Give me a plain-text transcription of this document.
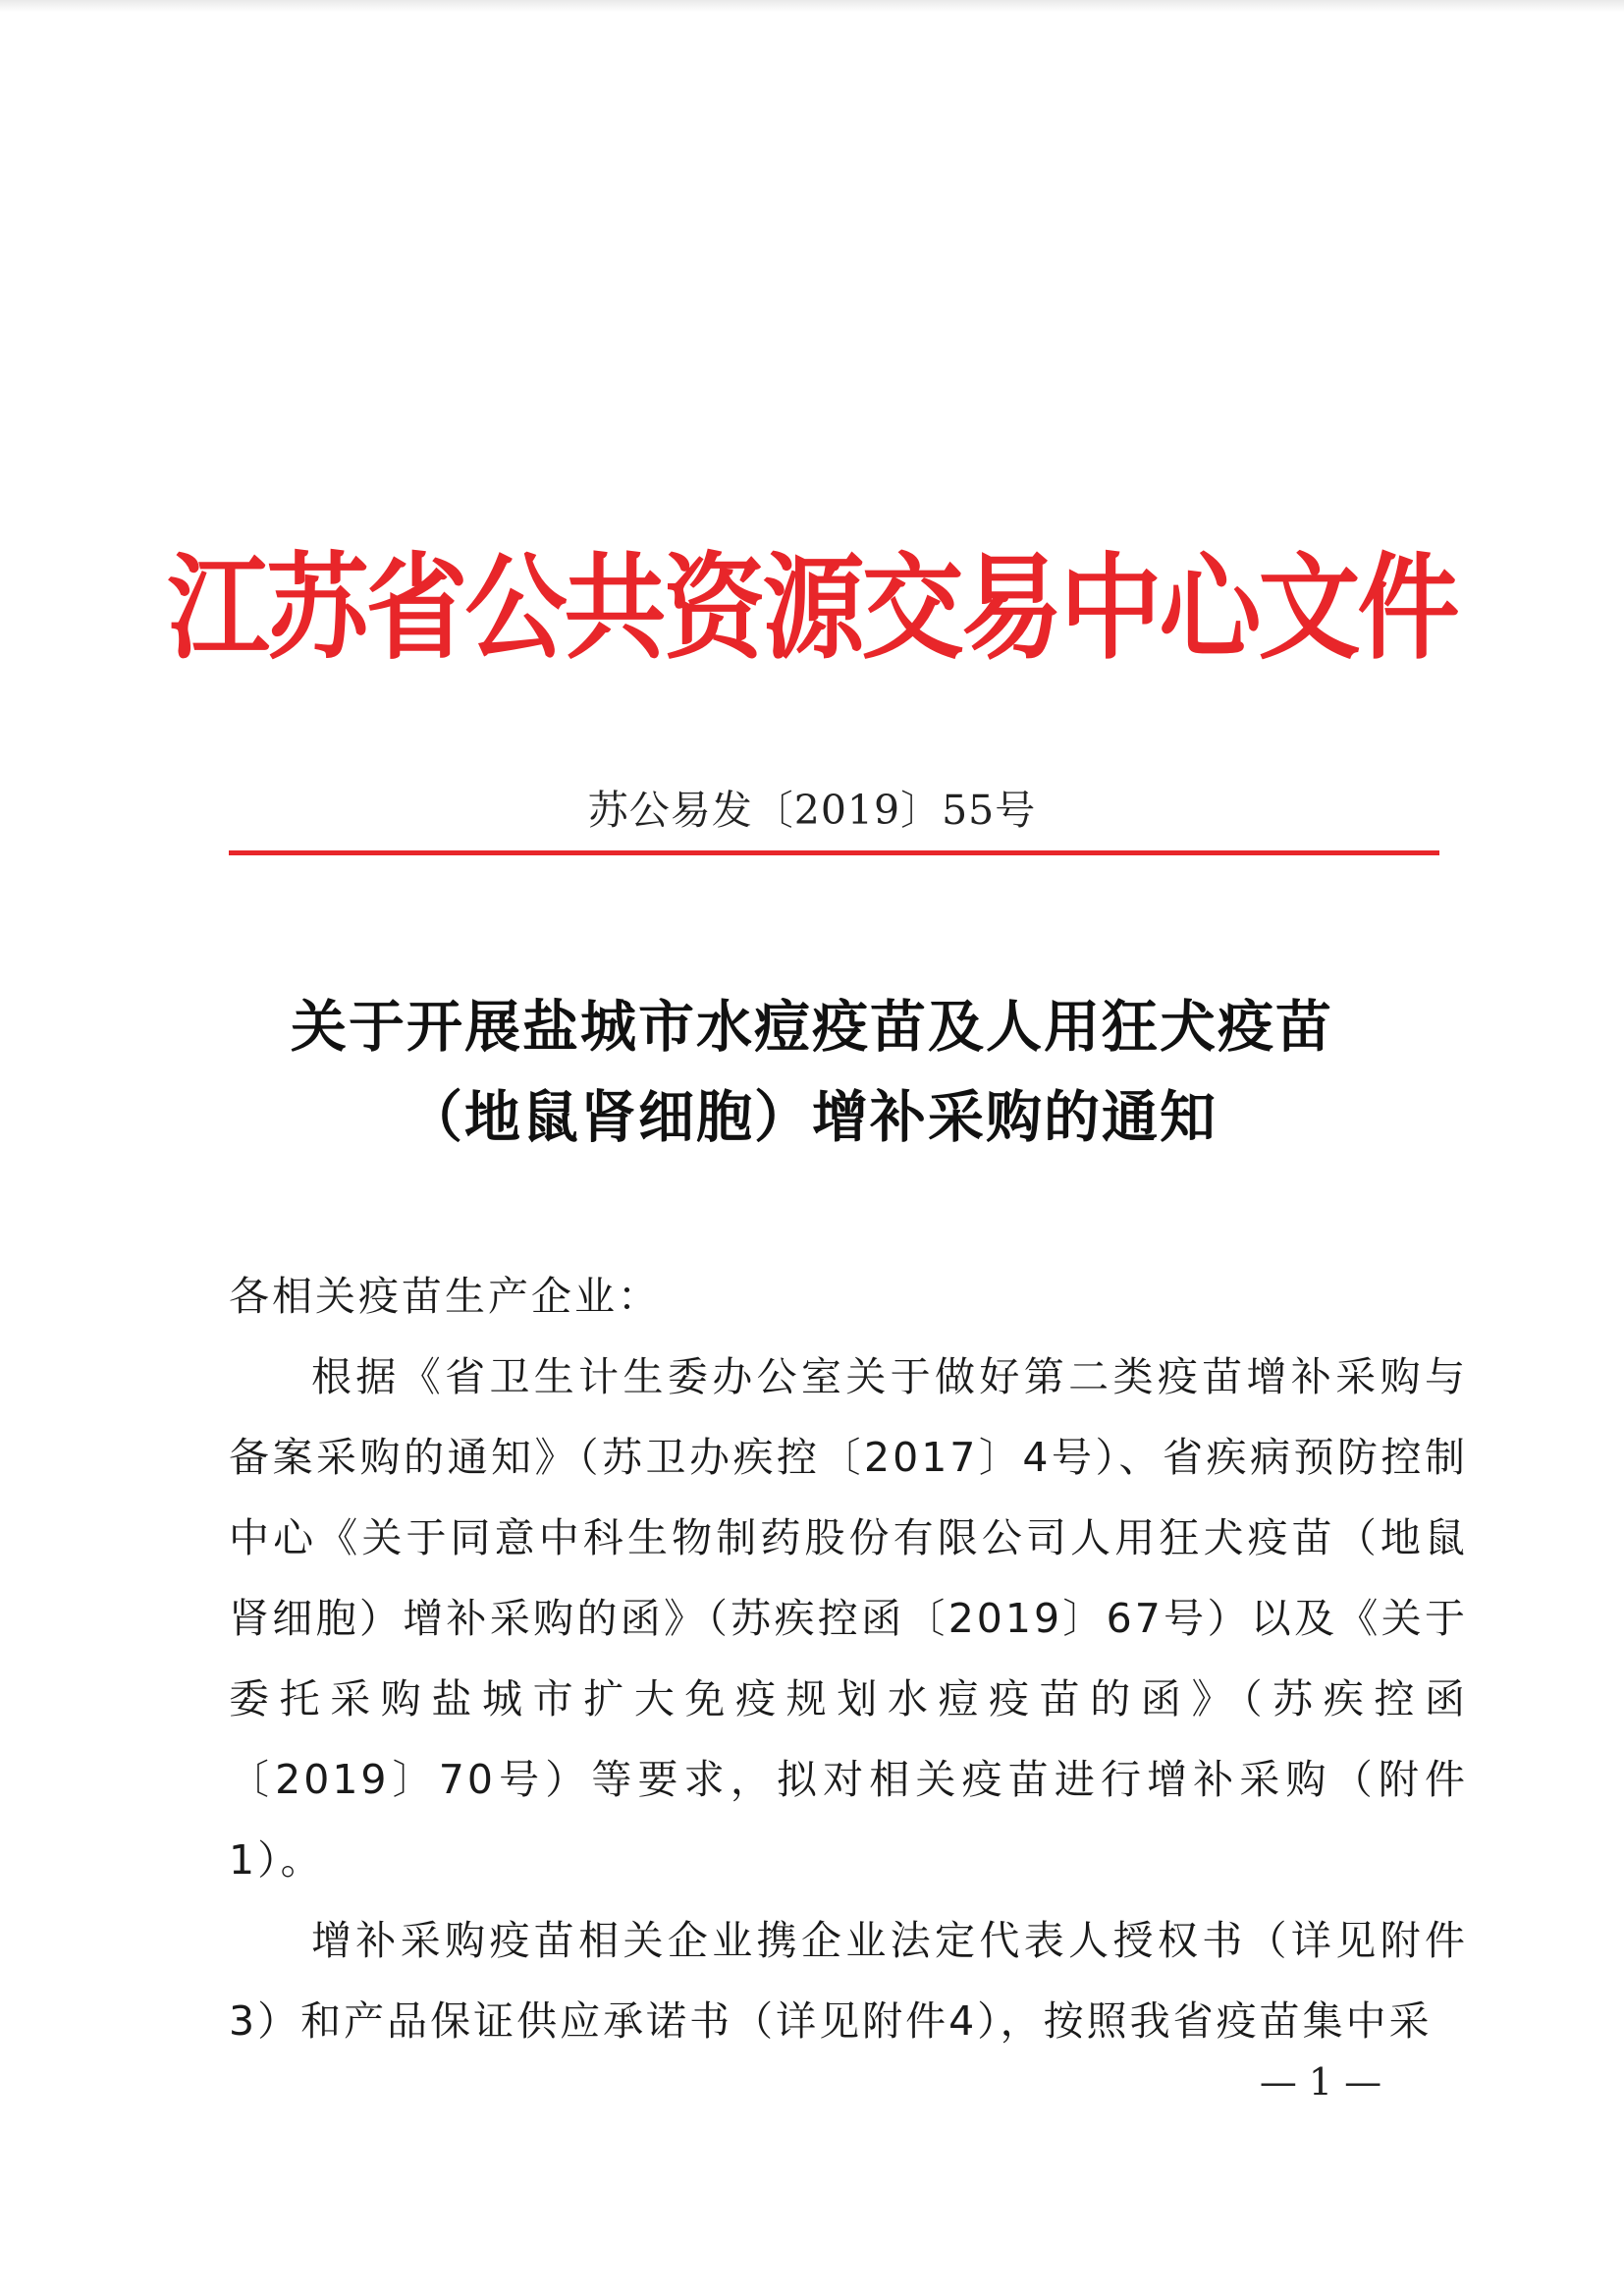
江苏省公共资源交易中心文件
苏公易发〔2019〕55号
关于开展盐城市水痘疫苗及人用狂犬疫苗
（地鼠肾细胞）增补采购的通知

各相关疫苗生产企业：

根据《省卫生计生委办公室关于做好第二类疫苗增补采购与备案采购的通知》（苏卫办疾控〔2017〕4号）、省疾病预防控制中心《关于同意中科生物制药股份有限公司人用狂犬疫苗（地鼠肾细胞）增补采购的函》（苏疾控函〔2019〕67号）以及《关于委托采购盐城市扩大免疫规划水痘疫苗的函》（苏疾控函〔2019〕70号）等要求，拟对相关疫苗进行增补采购（附件1）。

增补采购疫苗相关企业携企业法定代表人授权书（详见附件3）和产品保证供应承诺书（详见附件4），按照我省疫苗集中采

— 1 —
